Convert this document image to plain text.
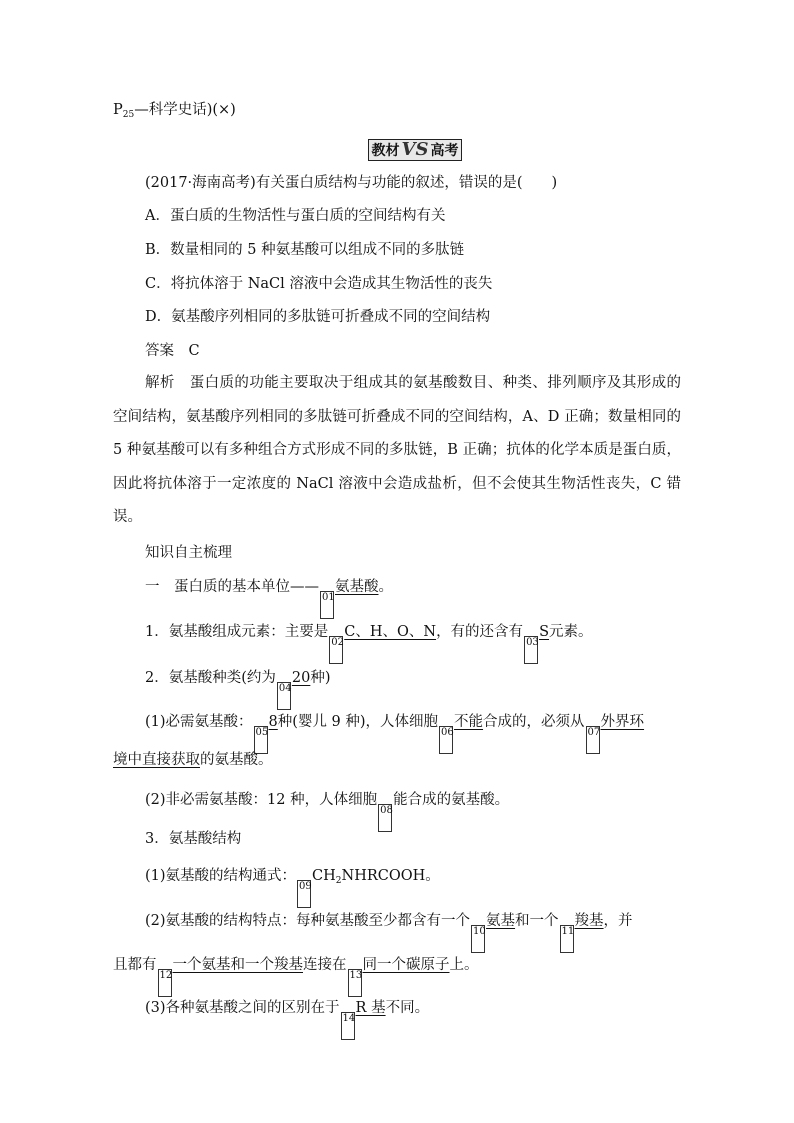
$P_{25}—$科学史话)(×)
教材 VS 高考
(2017·海南高考)有关蛋白质结构与功能的叙述，错误的是(　　)
A．蛋白质的生物活性与蛋白质的空间结构有关
B．数量相同的 5 种氨基酸可以组成不同的多肽链
C．将抗体溶于 NaCl 溶液中会造成其生物活性的丧失
D．氨基酸序列相同的多肽链可折叠成不同的空间结构
答案　 C
解析　 蛋白质的功能主要取决于组成其的氨基酸数目、种类、排列顺序及其形成的空间结构，氨基酸序列相同的多肽链可折叠成不同的空间结构，A、D 正确；数量相同的 5 种氨基酸可以有多种组合方式形成不同的多肽链，B 正确；抗体的化学本质是蛋白质，因此将抗体溶于一定浓度的 NaCl 溶液中会造成盐析，但不会使其生物活性丧失，C 错误。
知识自主梳理
一　蛋白质的基本单位——01氨基酸。
1．氨基酸组成元素：主要是02C、H、O、N，有的还含有03S元素。
2．氨基酸种类(约为0420种)
(1)必需氨基酸：058种(婴儿 9 种)，人体细胞06不能合成的，必须从07外界环
境中直接获取的氨基酸。
(2)非必需氨基酸：12 种，人体细胞08能合成的氨基酸。
3．氨基酸结构
(1)氨基酸的结构通式：$09CH_2NHRCOOH$。
(2)氨基酸的结构特点：每种氨基酸至少都含有一个10氨基和一个11羧基，并
且都有12一个氨基和一个羧基连接在13同一个碳原子上。
(3)各种氨基酸之间的区别在于14R 基不同。
